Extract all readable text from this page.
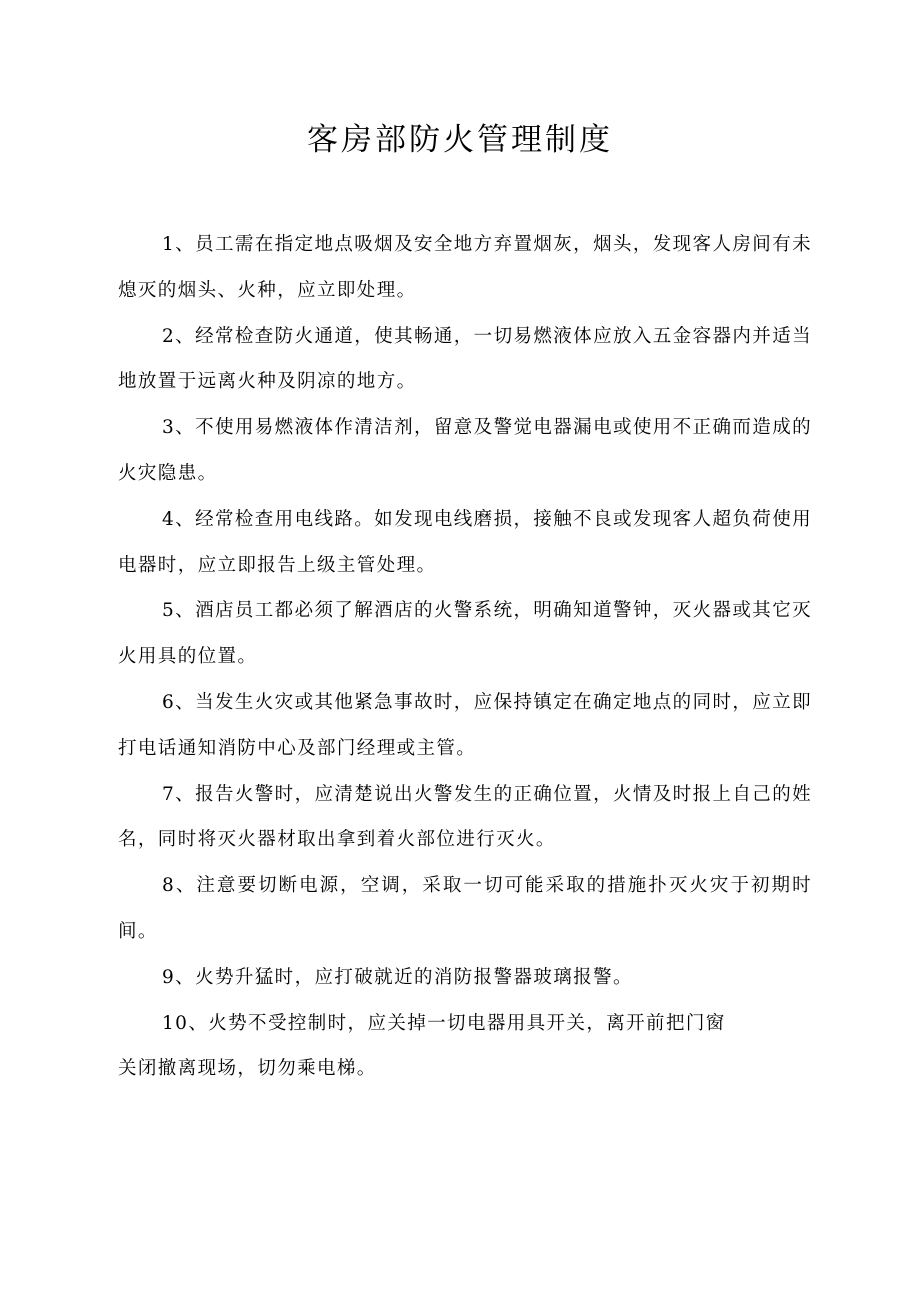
客房部防火管理制度

1、员工需在指定地点吸烟及安全地方弃置烟灰，烟头，发现客人房间有未熄灭的烟头、火种，应立即处理。

2、经常检查防火通道，使其畅通，一切易燃液体应放入五金容器内并适当地放置于远离火种及阴凉的地方。

3、不使用易燃液体作清洁剂，留意及警觉电器漏电或使用不正确而造成的火灾隐患。

4、经常检查用电线路。如发现电线磨损，接触不良或发现客人超负荷使用电器时，应立即报告上级主管处理。

5、酒店员工都必须了解酒店的火警系统，明确知道警钟，灭火器或其它灭火用具的位置。

6、当发生火灾或其他紧急事故时，应保持镇定在确定地点的同时，应立即打电话通知消防中心及部门经理或主管。

7、报告火警时，应清楚说出火警发生的正确位置，火情及时报上自己的姓名，同时将灭火器材取出拿到着火部位进行灭火。

8、注意要切断电源，空调，采取一切可能采取的措施扑灭火灾于初期时间。

9、火势升猛时，应打破就近的消防报警器玻璃报警。

10、火势不受控制时，应关掉一切电器用具开关，离开前把门窗
关闭撤离现场，切勿乘电梯。
